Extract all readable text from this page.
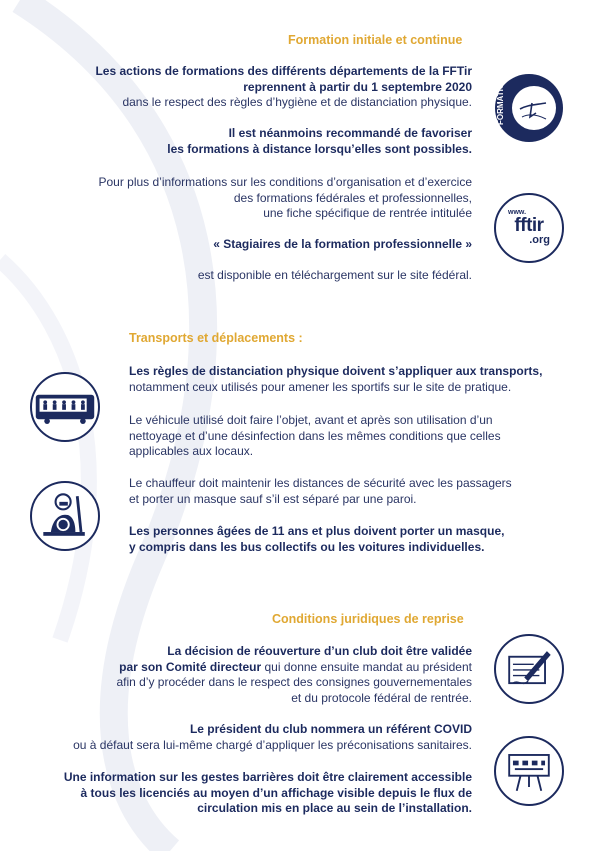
Formation initiale et continue
Les actions de formations des différents départements de la FFTir
reprennent à partir du 1 septembre 2020
dans le respect des règles d’hygiène et de distanciation physique.
Il est néanmoins recommandé de favoriser
les formations à distance lorsqu’elles sont possibles.
Pour plus d’informations sur les conditions d’organisation et d’exercice
des formations fédérales et professionnelles,
une fiche spécifique de rentrée intitulée
« Stagiaires de la formation professionnelle »
est disponible en téléchargement sur le site fédéral.
FORMATION
www.
fftir
.org
Transports et déplacements :
Les règles de distanciation physique doivent s’appliquer aux transports,
notamment ceux utilisés pour amener les sportifs sur le site de pratique.
Le véhicule utilisé doit faire l’objet, avant et après son utilisation d’un
nettoyage et d’une désinfection dans les mêmes conditions que celles
applicables aux locaux.
Le chauffeur doit maintenir les distances de sécurité avec les passagers
et porter un masque sauf s’il est séparé par une paroi.
Les personnes âgées de 11 ans et plus doivent porter un masque,
y compris dans les bus collectifs ou les voitures individuelles.
Conditions juridiques de reprise
La décision de réouverture d’un club doit être validée
par son Comité directeur qui donne ensuite mandat au président
afin d’y procéder dans le respect des consignes gouvernementales
et du protocole fédéral de rentrée.
Le président du club nommera un référent COVID
ou à défaut sera lui-même chargé d’appliquer les préconisations sanitaires.
Une information sur les gestes barrières doit être clairement accessible
à tous les licenciés au moyen d’un affichage visible depuis le flux de
circulation mis en place au sein de l’installation.
